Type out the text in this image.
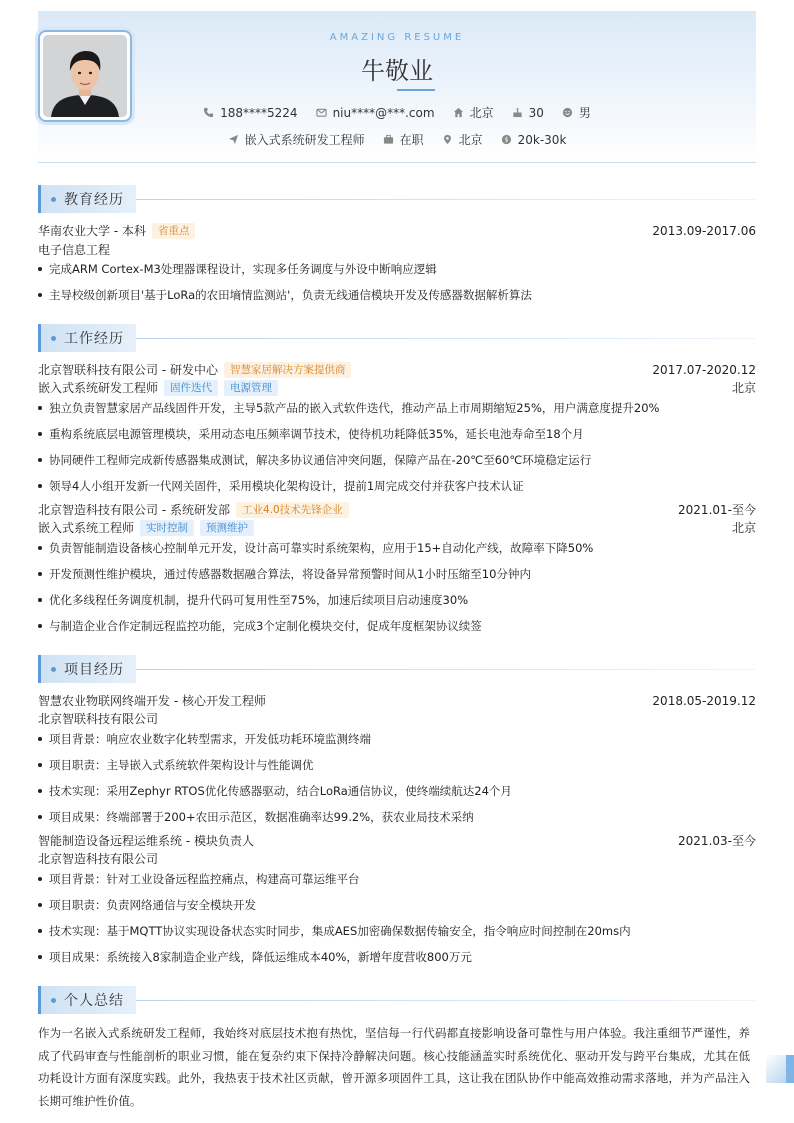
AMAZING RESUME
牛敬业
188****5224	niu****@***.com	北京	30	男
嵌入式系统研发工程师	在职	北京	$ 20k-30k
教育经历
华南农业大学 - 本科	省重点	2013.09-2017.06
电子信息工程
完成ARM Cortex-M3处理器课程设计，实现多任务调度与外设中断响应逻辑
主导校级创新项目'基于LoRa的农田墒情监测站'，负责无线通信模块开发及传感器数据解析算法
工作经历
北京智联科技有限公司 - 研发中心	智慧家居解决方案提供商	2017.07-2020.12
嵌入式系统研发工程师	固件迭代	电源管理	北京
独立负责智慧家居产品线固件开发，主导5款产品的嵌入式软件迭代，推动产品上市周期缩短25%，用户满意度提升20%
重构系统底层电源管理模块，采用动态电压频率调节技术，使待机功耗降低35%，延长电池寿命至18个月
协同硬件工程师完成新传感器集成测试，解决多协议通信冲突问题，保障产品在-20℃至60℃环境稳定运行
领导4人小组开发新一代网关固件，采用模块化架构设计，提前1周完成交付并获客户技术认证
北京智造科技有限公司 - 系统研发部	工业4.0技术先锋企业	2021.01-至今
嵌入式系统工程师	实时控制	预测维护	北京
负责智能制造设备核心控制单元开发，设计高可靠实时系统架构，应用于15+自动化产线，故障率下降50%
开发预测性维护模块，通过传感器数据融合算法，将设备异常预警时间从1小时压缩至10分钟内
优化多线程任务调度机制，提升代码可复用性至75%，加速后续项目启动速度30%
与制造企业合作定制远程监控功能，完成3个定制化模块交付，促成年度框架协议续签
项目经历
智慧农业物联网终端开发 - 核心开发工程师	2018.05-2019.12
北京智联科技有限公司
项目背景：响应农业数字化转型需求，开发低功耗环境监测终端
项目职责：主导嵌入式系统软件架构设计与性能调优
技术实现：采用Zephyr RTOS优化传感器驱动，结合LoRa通信协议，使终端续航达24个月
项目成果：终端部署于200+农田示范区，数据准确率达99.2%，获农业局技术采纳
智能制造设备远程运维系统 - 模块负责人	2021.03-至今
北京智造科技有限公司
项目背景：针对工业设备远程监控痛点，构建高可靠运维平台
项目职责：负责网络通信与安全模块开发
技术实现：基于MQTT协议实现设备状态实时同步，集成AES加密确保数据传输安全，指令响应时间控制在20ms内
项目成果：系统接入8家制造企业产线，降低运维成本40%，新增年度营收800万元
个人总结
作为一名嵌入式系统研发工程师，我始终对底层技术抱有热忱，坚信每一行代码都直接影响设备可靠性与用户体验。我注重细节严谨性，养成了代码审查与性能剖析的职业习惯，能在复杂约束下保持冷静解决问题。核心技能涵盖实时系统优化、驱动开发与跨平台集成，尤其在低功耗设计方面有深度实践。此外，我热衷于技术社区贡献，曾开源多项固件工具，这让我在团队协作中能高效推动需求落地，并为产品注入长期可维护性价值。
